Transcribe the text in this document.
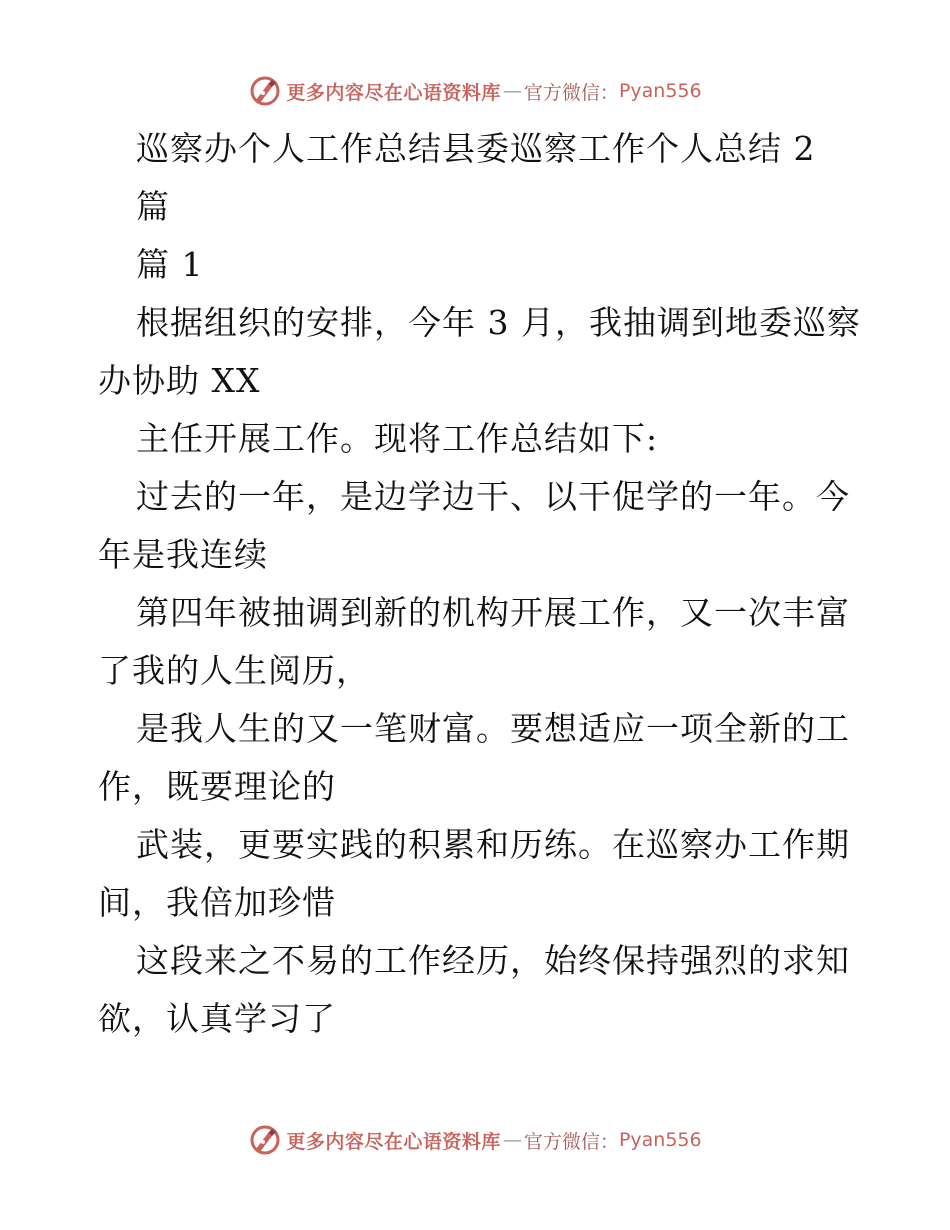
更多内容尽在心语资料库 — 官方微信： Pyan556
巡察办个人工作总结县委巡察工作个人总结 2
篇
篇 1
根据组织的安排，今年 3 月，我抽调到地委巡察
办协助 XX
主任开展工作。现将工作总结如下:
过去的一年，是边学边干、以干促学的一年。今
年是我连续
第四年被抽调到新的机构开展工作，又一次丰富
了我的人生阅历，
是我人生的又一笔财富。要想适应一项全新的工
作，既要理论的
武装，更要实践的积累和历练。在巡察办工作期
间，我倍加珍惜
这段来之不易的工作经历，始终保持强烈的求知
欲，认真学习了
更多内容尽在心语资料库 — 官方微信： Pyan556
